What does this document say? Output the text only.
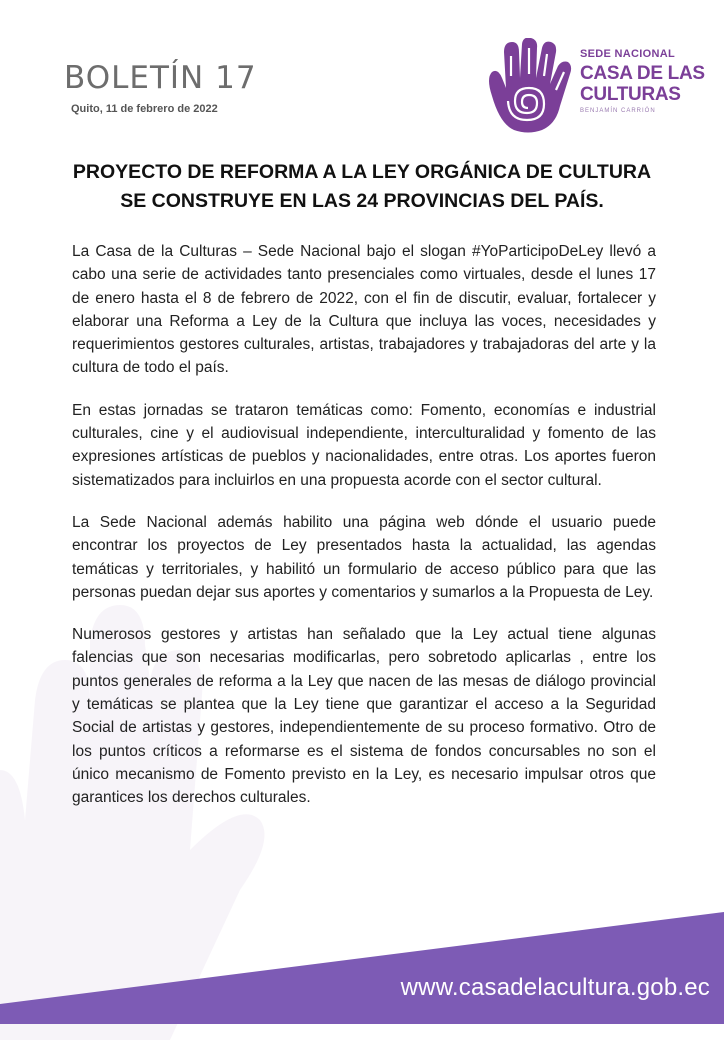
BOLETÍN 17
Quito, 11 de febrero de 2022
SEDE NACIONAL
CASA DE LAS
CULTURAS
BENJAMÍN CARRIÓN
PROYECTO DE REFORMA A LA LEY ORGÁNICA DE CULTURA
SE CONSTRUYE EN LAS 24 PROVINCIAS DEL PAÍS.

La Casa de la Culturas – Sede Nacional bajo el slogan #YoParticipoDeLey llevó a cabo una serie de actividades tanto presenciales como virtuales, desde el lunes 17 de enero hasta el 8 de febrero de 2022, con el fin de discutir, evaluar, fortalecer y elaborar una Reforma a Ley de la Cultura que incluya las voces, necesidades y requerimientos gestores culturales, artistas, trabajadores y trabajadoras del arte y la cultura de todo el país.

En estas jornadas se trataron temáticas como: Fomento, economías e industrial culturales, cine y el audiovisual independiente, interculturalidad y fomento de las expresiones artísticas de pueblos y nacionalidades, entre otras. Los aportes fueron sistematizados para incluirlos en una propuesta acorde con el sector cultural.

La Sede Nacional además habilito una página web dónde el usuario puede encontrar los proyectos de Ley presentados hasta la actualidad, las agendas temáticas y territoriales, y habilitó un formulario de acceso público para que las personas puedan dejar sus aportes y comentarios y sumarlos a la Propuesta de Ley.

Numerosos gestores y artistas han señalado que la Ley actual tiene algunas falencias que son necesarias modificarlas, pero sobretodo aplicarlas , entre los puntos generales de reforma a la Ley que nacen de las mesas de diálogo provincial y temáticas se plantea que la Ley tiene que garantizar el acceso a la Seguridad Social de artistas y gestores, independientemente de su proceso formativo. Otro de los puntos críticos a reformarse es el sistema de fondos concursables no son el único mecanismo de Fomento previsto en la Ley, es necesario impulsar otros que garantices los derechos culturales.

www.casadelacultura.gob.ec
